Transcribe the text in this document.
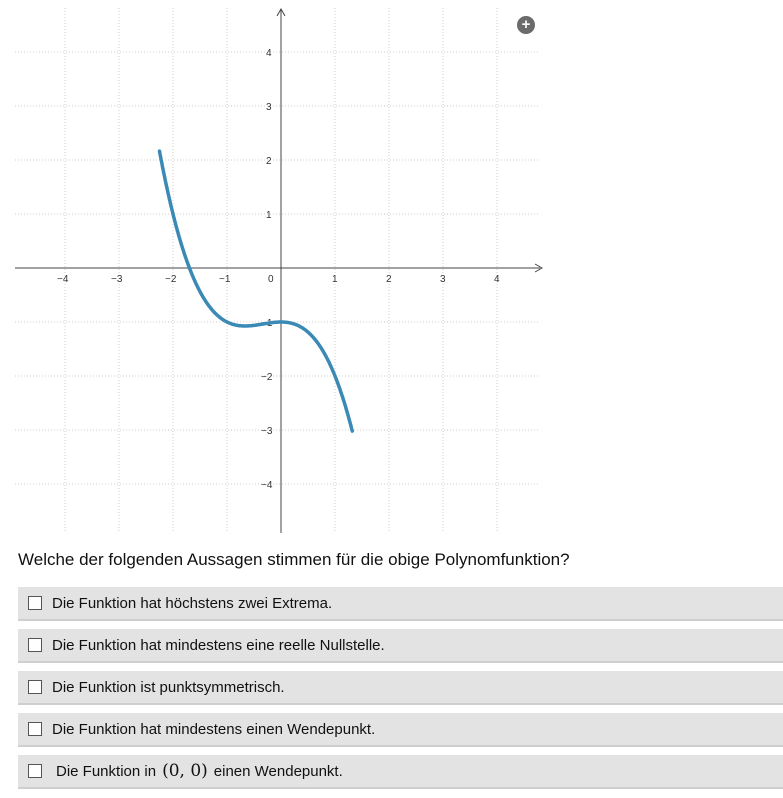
−4	−3	−2	−1	1	2	3	4
4
3
2
1
−1
−2
−3
−4
0
+
Welche der folgenden Aussagen stimmen für die obige Polynomfunktion?
Die Funktion hat höchstens zwei Extrema.
Die Funktion hat mindestens eine reelle Nullstelle.
Die Funktion ist punktsymmetrisch.
Die Funktion hat mindestens einen Wendepunkt.
Die Funktion in (0, 0) einen Wendepunkt.
